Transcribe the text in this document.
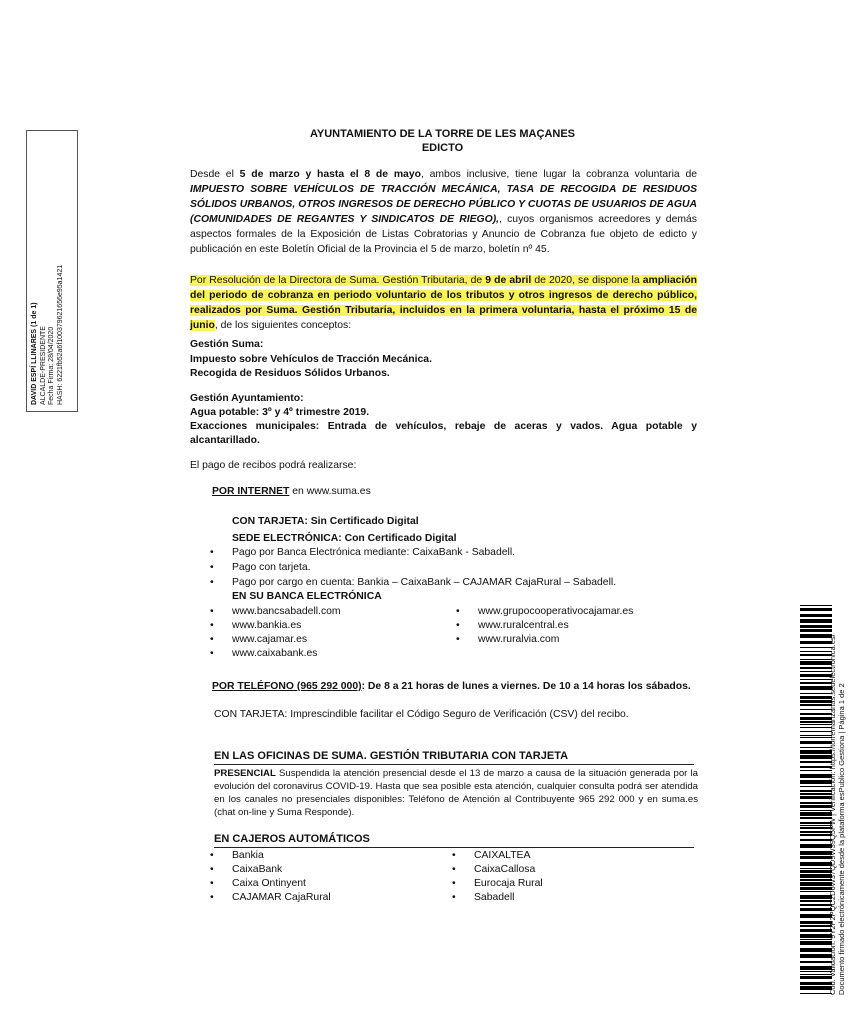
DAVID ESPÍ LLINARES (1 de 1) ALCALDE-PRESIDENTE Fecha Firma: 28/04/2020 HASH: 6221fb52a6f100379621656e95a1421
AYUNTAMIENTO DE LA TORRE DE LES MAÇANES
EDICTO
Desde el 5 de marzo y hasta el 8 de mayo, ambos inclusive, tiene lugar la cobranza voluntaria de IMPUESTO SOBRE VEHÍCULOS DE TRACCIÓN MECÁNICA, TASA DE RECOGIDA DE RESIDUOS SÓLIDOS URBANOS, OTROS INGRESOS DE DERECHO PÚBLICO Y CUOTAS DE USUARIOS DE AGUA (COMUNIDADES DE REGANTES Y SINDICATOS DE RIEGO),, cuyos organismos acreedores y demás aspectos formales de la Exposición de Listas Cobratorias y Anuncio de Cobranza fue objeto de edicto y publicación en este Boletín Oficial de la Provincia el 5 de marzo, boletín nº 45.
Por Resolución de la Directora de Suma. Gestión Tributaria, de 9 de abril de 2020, se dispone la ampliación del periodo de cobranza en periodo voluntario de los tributos y otros ingresos de derecho público, realizados por Suma. Gestión Tributaria, incluidos en la primera voluntaria, hasta el próximo 15 de junio, de los siguientes conceptos:
Gestión Suma:
Impuesto sobre Vehículos de Tracción Mecánica.
Recogida de Residuos Sólidos Urbanos.
Gestión Ayuntamiento:
Agua potable: 3º y 4º trimestre 2019.
Exacciones municipales: Entrada de vehículos, rebaje de aceras y vados. Agua potable y alcantarillado.
El pago de recibos podrá realizarse:
POR INTERNET en www.suma.es
CON TARJETA: Sin Certificado Digital
SEDE ELECTRÓNICA: Con Certificado Digital
• Pago por Banca Electrónica mediante: CaixaBank - Sabadell.
• Pago con tarjeta.
• Pago por cargo en cuenta: Bankia – CaixaBank – CAJAMAR CajaRural – Sabadell.
EN SU BANCA ELECTRÓNICA
• www.bancsabadell.com
• www.bankia.es
• www.cajamar.es
• www.caixabank.es
• www.grupocooperativocajamar.es
• www.ruralcentral.es
• www.ruralvia.com
POR TELÉFONO (965 292 000): De 8 a 21 horas de lunes a viernes. De 10 a 14 horas los sábados.
CON TARJETA: Imprescindible facilitar el Código Seguro de Verificación (CSV) del recibo.
EN LAS OFICINAS DE SUMA. GESTIÓN TRIBUTARIA CON TARJETA
PRESENCIAL Suspendida la atención presencial desde el 13 de marzo a causa de la situación generada por la evolución del coronavirus COVID-19. Hasta que sea posible esta atención, cualquier consulta podrá ser atendida en los canales no presenciales disponibles: Teléfono de Atención al Contribuyente 965 292 000 y en suma.es (chat on-line y Suma Responde).
EN CAJEROS AUTOMÁTICOS
• Bankia
• CaixaBank
• Caixa Ontinyent
• CAJAMAR CajaRural
• CAIXALTEA
• CaixaCallosa
• Eurocaja Rural
• Sabadell	Cód. Validación: 9Y2P2PQC2D6W37QD9W39Q5PW | Verificación: https://torremanzanas.sedelectronica.es/ Documento firmado electrónicamente desde la plataforma esPublico Gestiona | Página 1 de 2
